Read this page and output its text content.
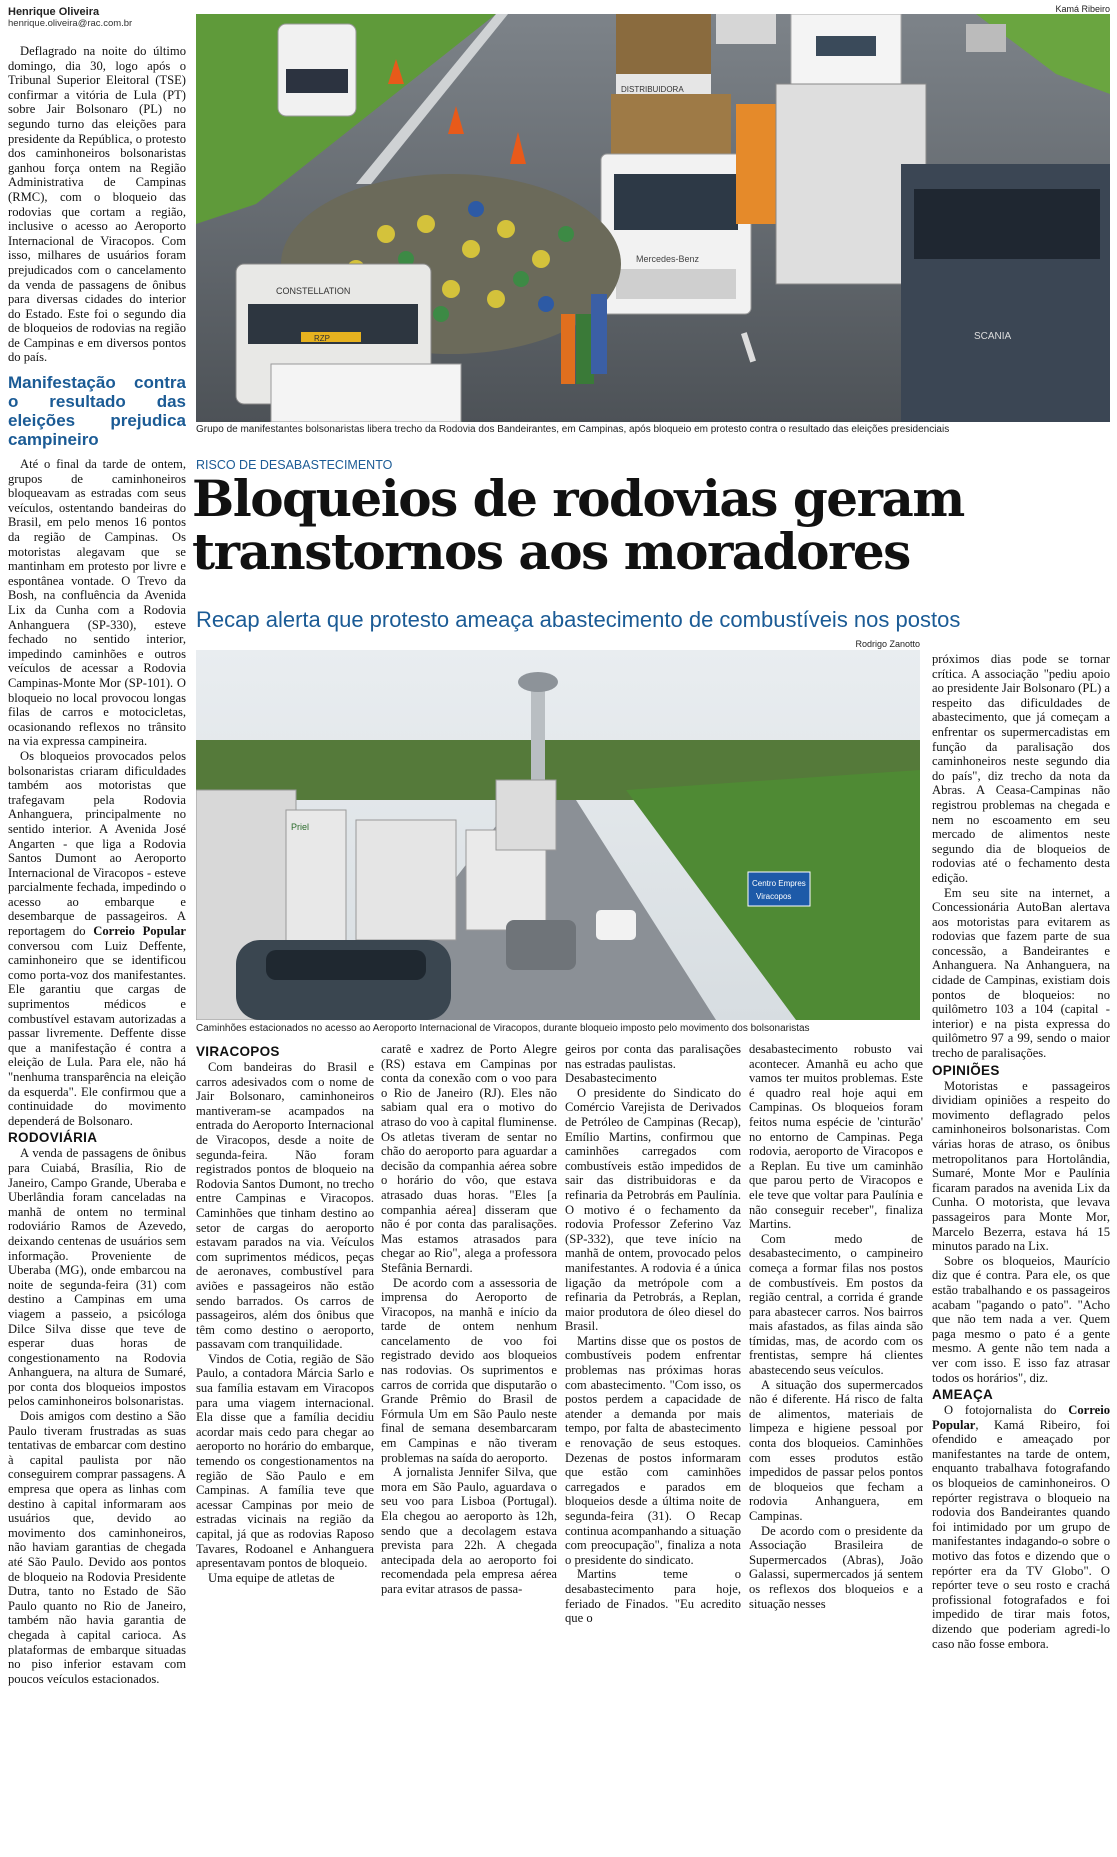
Henrique Oliveira
henrique.oliveira@rac.com.br

Deflagrado na noite do último domingo, dia 30, logo após o Tribunal Superior Eleitoral (TSE) confirmar a vitória de Lula (PT) sobre Jair Bolsonaro (PL) no segundo turno das eleições para presidente da República, o protesto dos caminhoneiros bolsonaristas ganhou força ontem na Região Administrativa de Campinas (RMC), com o bloqueio das rodovias que cortam a região, inclusive o acesso ao Aeroporto Internacional de Viracopos. Com isso, milhares de usuários foram prejudicados com o cancelamento da venda de passagens de ônibus para diversas cidades do interior do Estado. Este foi o segundo dia de bloqueios de rodovias na região de Campinas e em diversos pontos do país.

Manifestação contra o resultado das eleições prejudica campineiro

Até o final da tarde de ontem, grupos de caminhoneiros bloqueavam as estradas com seus veículos, ostentando bandeiras do Brasil, em pelo menos 16 pontos da região de Campinas. Os motoristas alegavam que se mantinham em protesto por livre e espontânea vontade. O Trevo da Bosh, na confluência da Avenida Lix da Cunha com a Rodovia Anhanguera (SP-330), esteve fechado no sentido interior, impedindo caminhões e outros veículos de acessar a Rodovia Campinas-Monte Mor (SP-101). O bloqueio no local provocou longas filas de carros e motocicletas, ocasionando reflexos no trânsito na via expressa campineira.

Os bloqueios provocados pelos bolsonaristas criaram dificuldades também aos motoristas que trafegavam pela Rodovia Anhanguera, principalmente no sentido interior. A Avenida José Angarten - que liga a Rodovia Santos Dumont ao Aeroporto Internacional de Viracopos - esteve parcialmente fechada, impedindo o acesso ao embarque e desembarque de passageiros. A reportagem do Correio Popular conversou com Luiz Deffente, caminhoneiro que se identificou como porta-voz dos manifestantes. Ele garantiu que cargas de suprimentos médicos e combustível estavam autorizadas a passar livremente. Deffente disse que a manifestação é contra a eleição de Lula. Para ele, não há "nenhuma transparência na eleição da esquerda". Ele confirmou que a continuidade do movimento dependerá de Bolsonaro.

RODOVIÁRIA

A venda de passagens de ônibus para Cuiabá, Brasília, Rio de Janeiro, Campo Grande, Uberaba e Uberlândia foram canceladas na manhã de ontem no terminal rodoviário Ramos de Azevedo, deixando centenas de usuários sem informação. Proveniente de Uberaba (MG), onde embarcou na noite de segunda-feira (31) com destino a Campinas em uma viagem a passeio, a psicóloga Dilce Silva disse que teve de esperar duas horas de congestionamento na Rodovia Anhanguera, na altura de Sumaré, por conta dos bloqueios impostos pelos caminhoneiros bolsonaristas.

Dois amigos com destino a São Paulo tiveram frustradas as suas tentativas de embarcar com destino à capital paulista por não conseguirem comprar passagens. A empresa que opera as linhas com destino à capital informaram aos usuários que, devido ao movimento dos caminhoneiros, não haviam garantias de chegada até São Paulo. Devido aos pontos de bloqueio na Rodovia Presidente Dutra, tanto no Estado de São Paulo quanto no Rio de Janeiro, também não havia garantia de chegada à capital carioca. As plataformas de embarque situadas no piso inferior estavam com poucos veículos estacionados.

Kamá Ribeiro
DISTRIBUIDORA
Mercedes-Benz
SCANIA
CONSTELLATION
RZP
Grupo de manifestantes bolsonaristas libera trecho da Rodovia dos Bandeirantes, em Campinas, após bloqueio em protesto contra o resultado das eleições presidenciais
RISCO DE DESABASTECIMENTO
Bloqueios de rodovias geram
transtornos aos moradores
Recap alerta que protesto ameaça abastecimento de combustíveis nos postos
Rodrigo Zanotto
Priel
Centro Empres
Viracopos
Caminhões estacionados no acesso ao Aeroporto Internacional de Viracopos, durante bloqueio imposto pelo movimento dos bolsonaristas

próximos dias pode se tornar crítica. A associação "pediu apoio ao presidente Jair Bolsonaro (PL) a respeito das dificuldades de abastecimento, que já começam a enfrentar os supermercadistas em função da paralisação dos caminhoneiros neste segundo dia do país", diz trecho da nota da Abras. A Ceasa-Campinas não registrou problemas na chegada e nem no escoamento em seu mercado de alimentos neste segundo dia de bloqueios de rodovias até o fechamento desta edição.

Em seu site na internet, a Concessionária AutoBan alertava aos motoristas para evitarem as rodovias que fazem parte de sua concessão, a Bandeirantes e Anhanguera. Na Anhanguera, na cidade de Campinas, existiam dois pontos de bloqueios: no quilômetro 103 a 104 (capital - interior) e na pista expressa do quilômetro 97 a 99, sendo o maior trecho de paralisações.

OPINIÕES

Motoristas e passageiros dividiam opiniões a respeito do movimento deflagrado pelos caminhoneiros bolsonaristas. Com várias horas de atraso, os ônibus metropolitanos para Hortolândia, Sumaré, Monte Mor e Paulínia ficaram parados na avenida Lix da Cunha. O motorista, que levava passageiros para Monte Mor, Marcelo Bezerra, estava há 15 minutos parado na Lix.

Sobre os bloqueios, Maurício diz que é contra. Para ele, os que estão trabalhando e os passageiros acabam "pagando o pato". "Acho que não tem nada a ver. Quem paga mesmo o pato é a gente mesmo. A gente não tem nada a ver com isso. E isso faz atrasar todos os horários", diz.

AMEAÇA

O fotojornalista do Correio Popular, Kamá Ribeiro, foi ofendido e ameaçado por manifestantes na tarde de ontem, enquanto trabalhava fotografando os bloqueios de caminhoneiros. O repórter registrava o bloqueio na rodovia dos Bandeirantes quando foi intimidado por um grupo de manifestantes indagando-o sobre o motivo das fotos e dizendo que o repórter era da TV Globo". O repórter teve o seu rosto e crachá profissional fotografados e foi impedido de tirar mais fotos, dizendo que poderiam agredi-lo caso não fosse embora.

VIRACOPOS

Com bandeiras do Brasil e carros adesivados com o nome de Jair Bolsonaro, caminhoneiros mantiveram-se acampados na entrada do Aeroporto Internacional de Viracopos, desde a noite de segunda-feira. Não foram registrados pontos de bloqueio na Rodovia Santos Dumont, no trecho entre Campinas e Viracopos. Caminhões que tinham destino ao setor de cargas do aeroporto estavam parados na via. Veículos com suprimentos médicos, peças de aeronaves, combustível para aviões e passageiros não estão sendo barrados. Os carros de passageiros, além dos ônibus que têm como destino o aeroporto, passavam com tranquilidade.

Vindos de Cotia, região de São Paulo, a contadora Márcia Sarlo e sua família estavam em Viracopos para uma viagem internacional. Ela disse que a família decidiu acordar mais cedo para chegar ao aeroporto no horário do embarque, temendo os congestionamentos na região de São Paulo e em Campinas. A família teve que acessar Campinas por meio de estradas vicinais na região da capital, já que as rodovias Raposo Tavares, Rodoanel e Anhanguera apresentavam pontos de bloqueio.

Uma equipe de atletas de

caratê e xadrez de Porto Alegre (RS) estava em Campinas por conta da conexão com o voo para o Rio de Janeiro (RJ). Eles não sabiam qual era o motivo do atraso do voo à capital fluminense. Os atletas tiveram de sentar no chão do aeroporto para aguardar a decisão da companhia aérea sobre o horário do vôo, que estava atrasado duas horas. "Eles [a companhia aérea] disseram que não é por conta das paralisações. Mas estamos atrasados para chegar ao Rio", alega a professora Stefânia Bernardi.

De acordo com a assessoria de imprensa do Aeroporto de Viracopos, na manhã e início da tarde de ontem nenhum cancelamento de voo foi registrado devido aos bloqueios nas rodovias. Os suprimentos e carros de corrida que disputarão o Grande Prêmio do Brasil de Fórmula Um em São Paulo neste final de semana desembarcaram em Campinas e não tiveram problemas na saída do aeroporto.

A jornalista Jennifer Silva, que mora em São Paulo, aguardava o seu voo para Lisboa (Portugal). Ela chegou ao aeroporto às 12h, sendo que a decolagem estava prevista para 22h. A chegada antecipada dela ao aeroporto foi recomendada pela empresa aérea para evitar atrasos de passa-

geiros por conta das paralisações nas estradas paulistas.

Desabastecimento

O presidente do Sindicato do Comércio Varejista de Derivados de Petróleo de Campinas (Recap), Emílio Martins, confirmou que caminhões carregados com combustíveis estão impedidos de sair das distribuidoras e da refinaria da Petrobrás em Paulínia. O motivo é o fechamento da rodovia Professor Zeferino Vaz (SP-332), que teve início na manhã de ontem, provocado pelos manifestantes. A rodovia é a única ligação da metrópole com a refinaria da Petrobrás, a Replan, maior produtora de óleo diesel do Brasil.

Martins disse que os postos de combustíveis podem enfrentar problemas nas próximas horas com abastecimento. "Com isso, os postos perdem a capacidade de atender a demanda por mais tempo, por falta de abastecimento e renovação de seus estoques. Dezenas de postos informaram que estão com caminhões carregados e parados em bloqueios desde a última noite de segunda-feira (31). O Recap continua acompanhando a situação com preocupação", finaliza a nota o presidente do sindicato.

Martins teme o desabastecimento para hoje, feriado de Finados. "Eu acredito que o

desabastecimento robusto vai acontecer. Amanhã eu acho que vamos ter muitos problemas. Este é quadro real hoje aqui em Campinas. Os bloqueios foram feitos numa espécie de 'cinturão' no entorno de Campinas. Pega rodovia, aeroporto de Viracopos e a Replan. Eu tive um caminhão que parou perto de Viracopos e ele teve que voltar para Paulínia e não conseguir receber", finaliza Martins.

Com medo de desabastecimento, o campineiro começa a formar filas nos postos de combustíveis. Em postos da região central, a corrida é grande para abastecer carros. Nos bairros mais afastados, as filas ainda são tímidas, mas, de acordo com os frentistas, sempre há clientes abastecendo seus veículos.

A situação dos supermercados não é diferente. Há risco de falta de alimentos, materiais de limpeza e higiene pessoal por conta dos bloqueios. Caminhões com esses produtos estão impedidos de passar pelos pontos de bloqueios que fecham a rodovia Anhanguera, em Campinas.

De acordo com o presidente da Associação Brasileira de Supermercados (Abras), João Galassi, supermercados já sentem os reflexos dos bloqueios e a situação nesses
